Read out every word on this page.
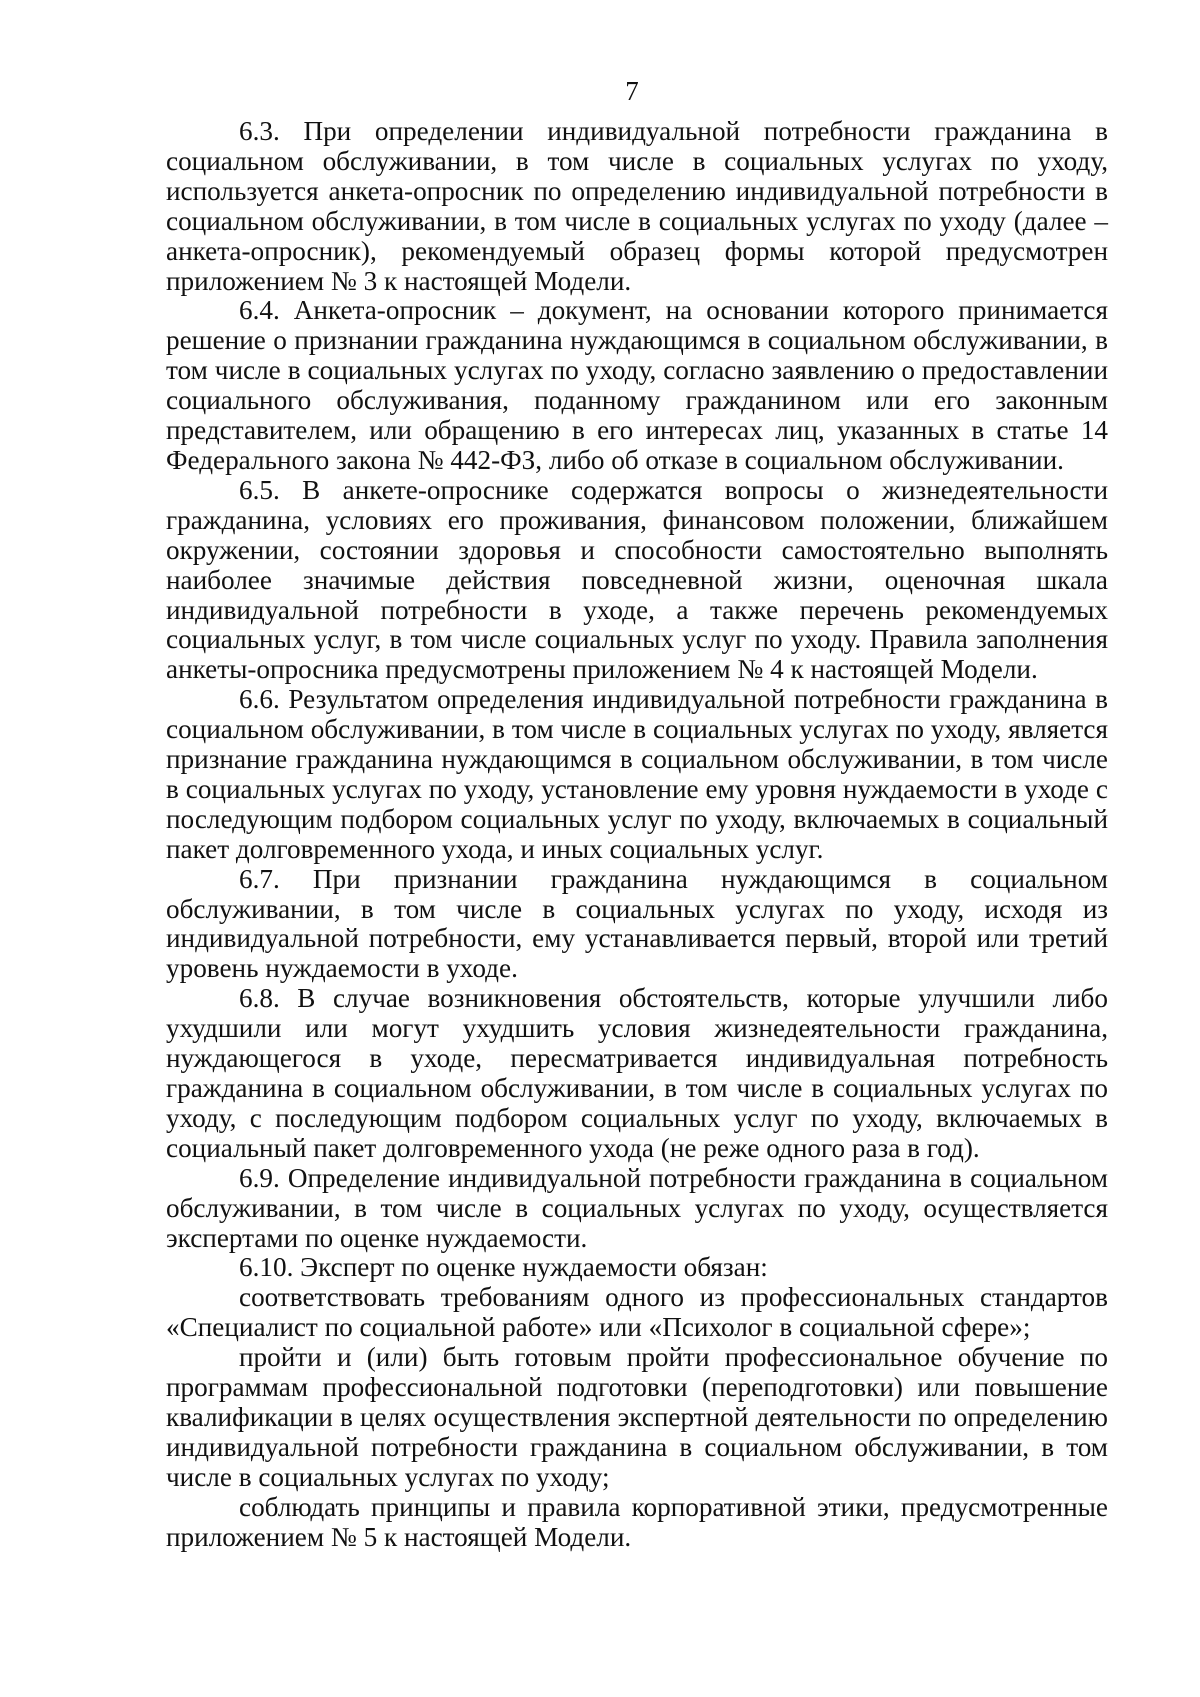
7

6.3. При определении индивидуальной потребности гражданина в социальном обслуживании, в том числе в социальных услугах по уходу, используется анкета-опросник по определению индивидуальной потребности в социальном обслуживании, в том числе в социальных услугах по уходу (далее – анкета-опросник), рекомендуемый образец формы которой предусмотрен приложением № 3 к настоящей Модели.

6.4. Анкета-опросник – документ, на основании которого принимается решение о признании гражданина нуждающимся в социальном обслуживании, в том числе в социальных услугах по уходу, согласно заявлению о предоставлении социального обслуживания, поданному гражданином или его законным представителем, или обращению в его интересах лиц, указанных в статье 14 Федерального закона № 442-ФЗ, либо об отказе в социальном обслуживании.

6.5. В анкете-опроснике содержатся вопросы о жизнедеятельности гражданина, условиях его проживания, финансовом положении, ближайшем окружении, состоянии здоровья и способности самостоятельно выполнять наиболее значимые действия повседневной жизни, оценочная шкала индивидуальной потребности в уходе, а также перечень рекомендуемых социальных услуг, в том числе социальных услуг по уходу. Правила заполнения анкеты-опросника предусмотрены приложением № 4 к настоящей Модели.

6.6. Результатом определения индивидуальной потребности гражданина в социальном обслуживании, в том числе в социальных услугах по уходу, является признание гражданина нуждающимся в социальном обслуживании, в том числе в социальных услугах по уходу, установление ему уровня нуждаемости в уходе с последующим подбором социальных услуг по уходу, включаемых в социальный пакет долговременного ухода, и иных социальных услуг.

6.7. При признании гражданина нуждающимся в социальном обслуживании, в том числе в социальных услугах по уходу, исходя из индивидуальной потребности, ему устанавливается первый, второй или третий уровень нуждаемости в уходе.

6.8. В случае возникновения обстоятельств, которые улучшили либо ухудшили или могут ухудшить условия жизнедеятельности гражданина, нуждающегося в уходе, пересматривается индивидуальная потребность гражданина в социальном обслуживании, в том числе в социальных услугах по уходу, с последующим подбором социальных услуг по уходу, включаемых в социальный пакет долговременного ухода (не реже одного раза в год).

6.9. Определение индивидуальной потребности гражданина в социальном обслуживании, в том числе в социальных услугах по уходу, осуществляется экспертами по оценке нуждаемости.

6.10. Эксперт по оценке нуждаемости обязан:

соответствовать требованиям одного из профессиональных стандартов «Специалист по социальной работе» или «Психолог в социальной сфере»;

пройти и (или) быть готовым пройти профессиональное обучение по программам профессиональной подготовки (переподготовки) или повышение квалификации в целях осуществления экспертной деятельности по определению индивидуальной потребности гражданина в социальном обслуживании, в том числе в социальных услугах по уходу;

соблюдать принципы и правила корпоративной этики, предусмотренные приложением № 5 к настоящей Модели.
